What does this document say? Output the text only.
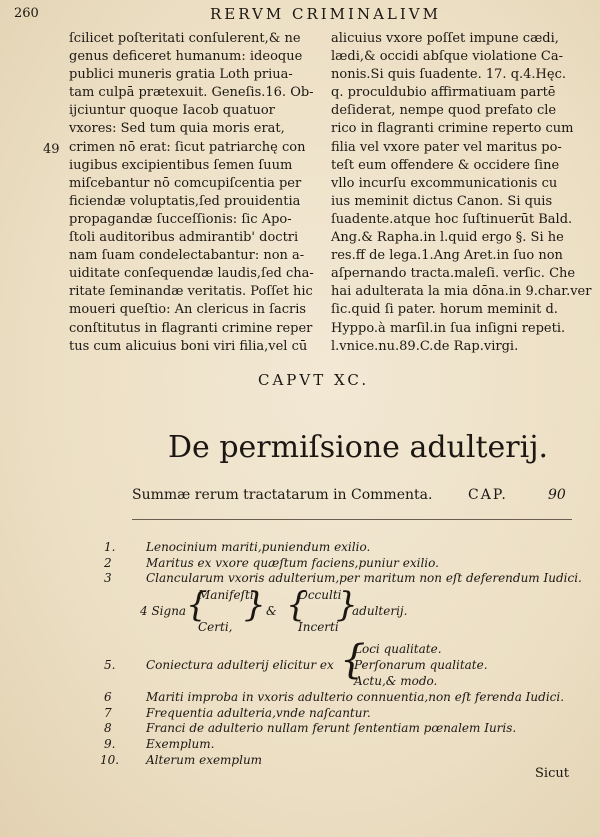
260	RERVM CRIMINALIVM
49
ſcilicet poſteritati conſulerent,& ne
genus deficeret humanum: ideoque
publici muneris gratia Loth priua-
tam culpā prætexuit. Geneſis.16. Ob-
ijciuntur quoque Iacob quatuor
vxores: Sed tum quia moris erat,
crimen nō erat: ſicut patriarchę con
iugibus excipientibus ſemen ſuum
miſcebantur nō comcupiſcentia per
ficiendæ voluptatis,ſed prouidentia
propagandæ ſucceſſionis: ſic Apo-
ſtoli auditoribus admirantib' doctri
nam ſuam condelectabantur: non a-
uiditate conſequendæ laudis,ſed cha-
ritate ſeminandæ veritatis. Poſſet hic
moueri queſtio: An clericus in ſacris
conſtitutus in flagranti crimine reper
tus cum alicuius boni viri filia,vel cū
alicuius vxore poſſet impune cædi,
lædi,& occidi abſque violatione Ca-
nonis.Si quis ſuadente. 17. q.4.Hęc.
q. proculdubio affirmatiuam partē
deſiderat, nempe quod prefato cle
rico in flagranti crimine reperto cum
filia vel vxore pater vel maritus po-
teſt eum offendere & occidere ſine
vllo incurſu excommunicationis cu
ius meminit dictus Canon. Si quis
ſuadente.atque hoc ſuſtinuerūt Bald.
Ang.& Rapha.in l.quid ergo §. Si he
res.ff de lega.1.Ang Aret.in ſuo non
aſpernando tracta.maleſi. verſic. Che
hai adulterata la mia dōna.in 9.char.ver
ſic.quid ſi pater. horum meminit d.
Hyppo.à marſil.in ſua inſigni repeti.
l.vnice.nu.89.C.de Rap.virgi.
CAPVT XC.
De permiſsione adulterij.
Summæ rerum tractatarum in Commenta.	CAP.	90
1.	Lenocinium mariti,puniendum exilio.
2	Maritus ex vxore quæſtum faciens,puniur exilio.
3	Clancularum vxoris adulterium,per maritum non eſt deferendum Iudici.
4 Signa {
Manifeſti,
Certi,
} & {
Occulti
Incerti
}
adulterij.
5.	Coniectura adulterij elicitur ex {
Loci qualitate.
Perſonarum qualitate.
Actu,& modo.
6	Mariti improba in vxoris adulterio connuentia,non eſt ferenda Iudici.
7	Frequentia adulteria,vnde naſcantur.
8	Franci de adulterio nullam ferunt ſententiam pœnalem Iuris.
9.	Exemplum.
10. Alterum exemplum
Sicut
